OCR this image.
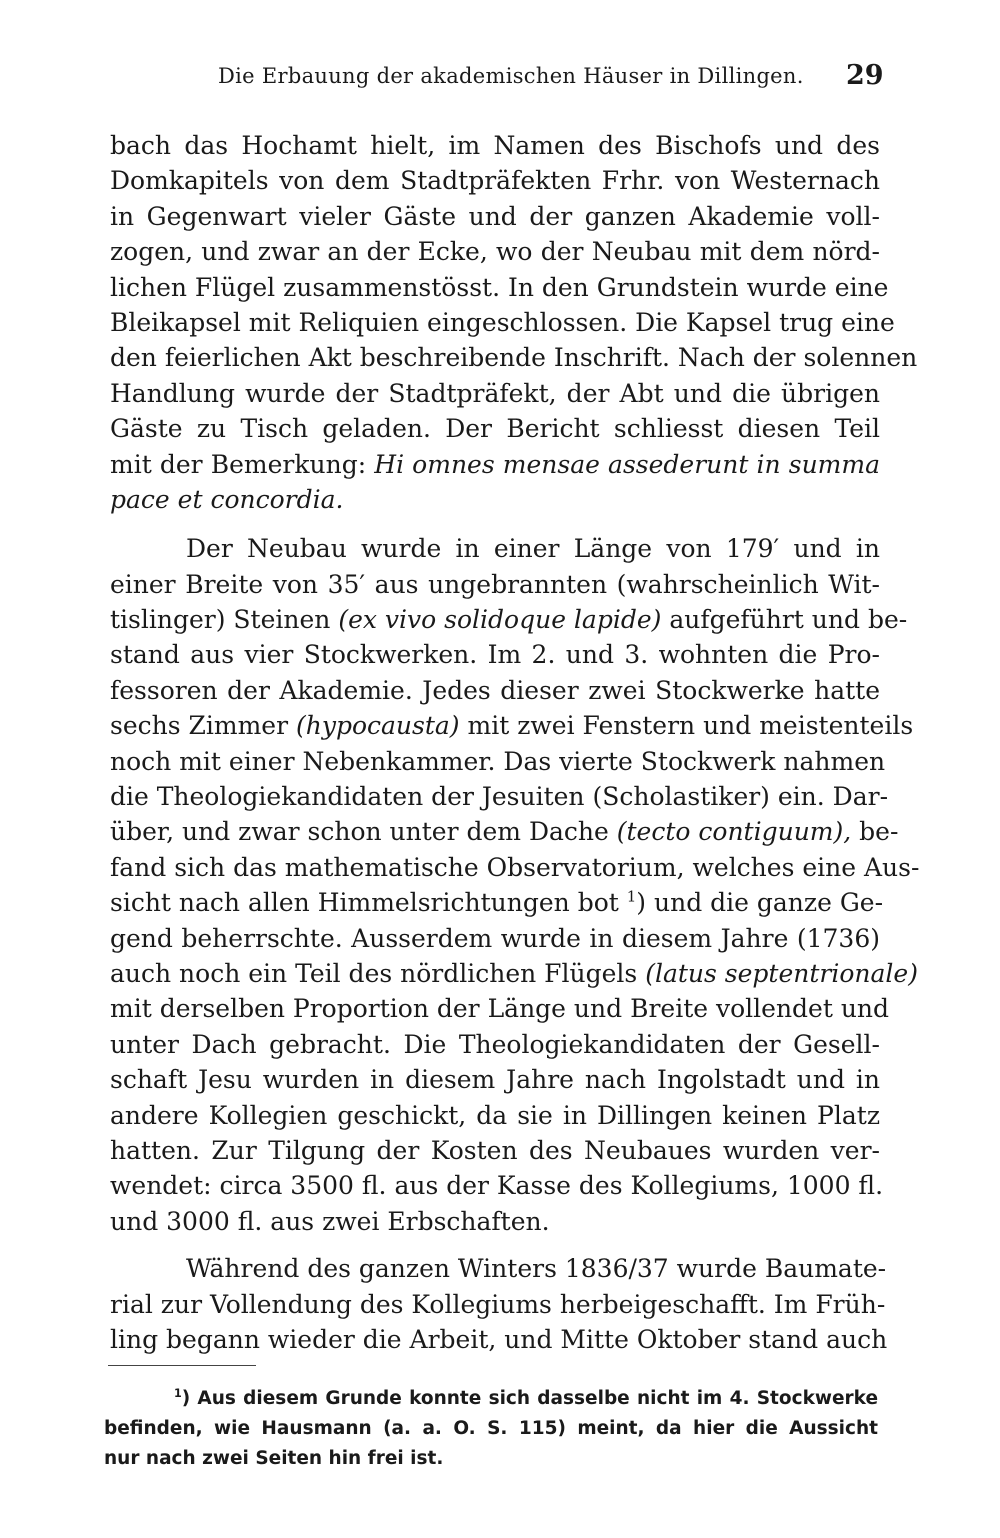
Die Erbauung der akademischen Häuser in Dillingen. 29
bach das Hochamt hielt, im Namen des Bischofs und des
Domkapitels von dem Stadtpräfekten Frhr. von Westernach
in Gegenwart vieler Gäste und der ganzen Akademie voll-
zogen, und zwar an der Ecke, wo der Neubau mit dem nörd-
lichen Flügel zusammenstösst. In den Grundstein wurde eine
Bleikapsel mit Reliquien eingeschlossen. Die Kapsel trug eine
den feierlichen Akt beschreibende Inschrift. Nach der solennen
Handlung wurde der Stadtpräfekt, der Abt und die übrigen
Gäste zu Tisch geladen. Der Bericht schliesst diesen Teil
mit der Bemerkung: Hi omnes mensae assederunt in summa
pace et concordia.
Der Neubau wurde in einer Länge von 179′ und in
einer Breite von 35′ aus ungebrannten (wahrscheinlich Wit-
tislinger) Steinen (ex vivo solidoque lapide) aufgeführt und be-
stand aus vier Stockwerken. Im 2. und 3. wohnten die Pro-
fessoren der Akademie. Jedes dieser zwei Stockwerke hatte
sechs Zimmer (hypocausta) mit zwei Fenstern und meistenteils
noch mit einer Nebenkammer. Das vierte Stockwerk nahmen
die Theologiekandidaten der Jesuiten (Scholastiker) ein. Dar-
über, und zwar schon unter dem Dache (tecto contiguum), be-
fand sich das mathematische Observatorium, welches eine Aus-
sicht nach allen Himmelsrichtungen bot $^1$) und die ganze Ge-
gend beherrschte. Ausserdem wurde in diesem Jahre (1736)
auch noch ein Teil des nördlichen Flügels (latus septentrionale)
mit derselben Proportion der Länge und Breite vollendet und
unter Dach gebracht. Die Theologiekandidaten der Gesell-
schaft Jesu wurden in diesem Jahre nach Ingolstadt und in
andere Kollegien geschickt, da sie in Dillingen keinen Platz
hatten. Zur Tilgung der Kosten des Neubaues wurden ver-
wendet: circa 3500 fl. aus der Kasse des Kollegiums, 1000 fl.
und 3000 fl. aus zwei Erbschaften.
Während des ganzen Winters 1836/37 wurde Baumate-
rial zur Vollendung des Kollegiums herbeigeschafft. Im Früh-
ling begann wieder die Arbeit, und Mitte Oktober stand auch
$^1$) Aus diesem Grunde konnte sich dasselbe nicht im 4. Stockwerke
befinden, wie Hausmann (a. a. O. S. 115) meint, da hier die Aussicht
nur nach zwei Seiten hin frei ist.
